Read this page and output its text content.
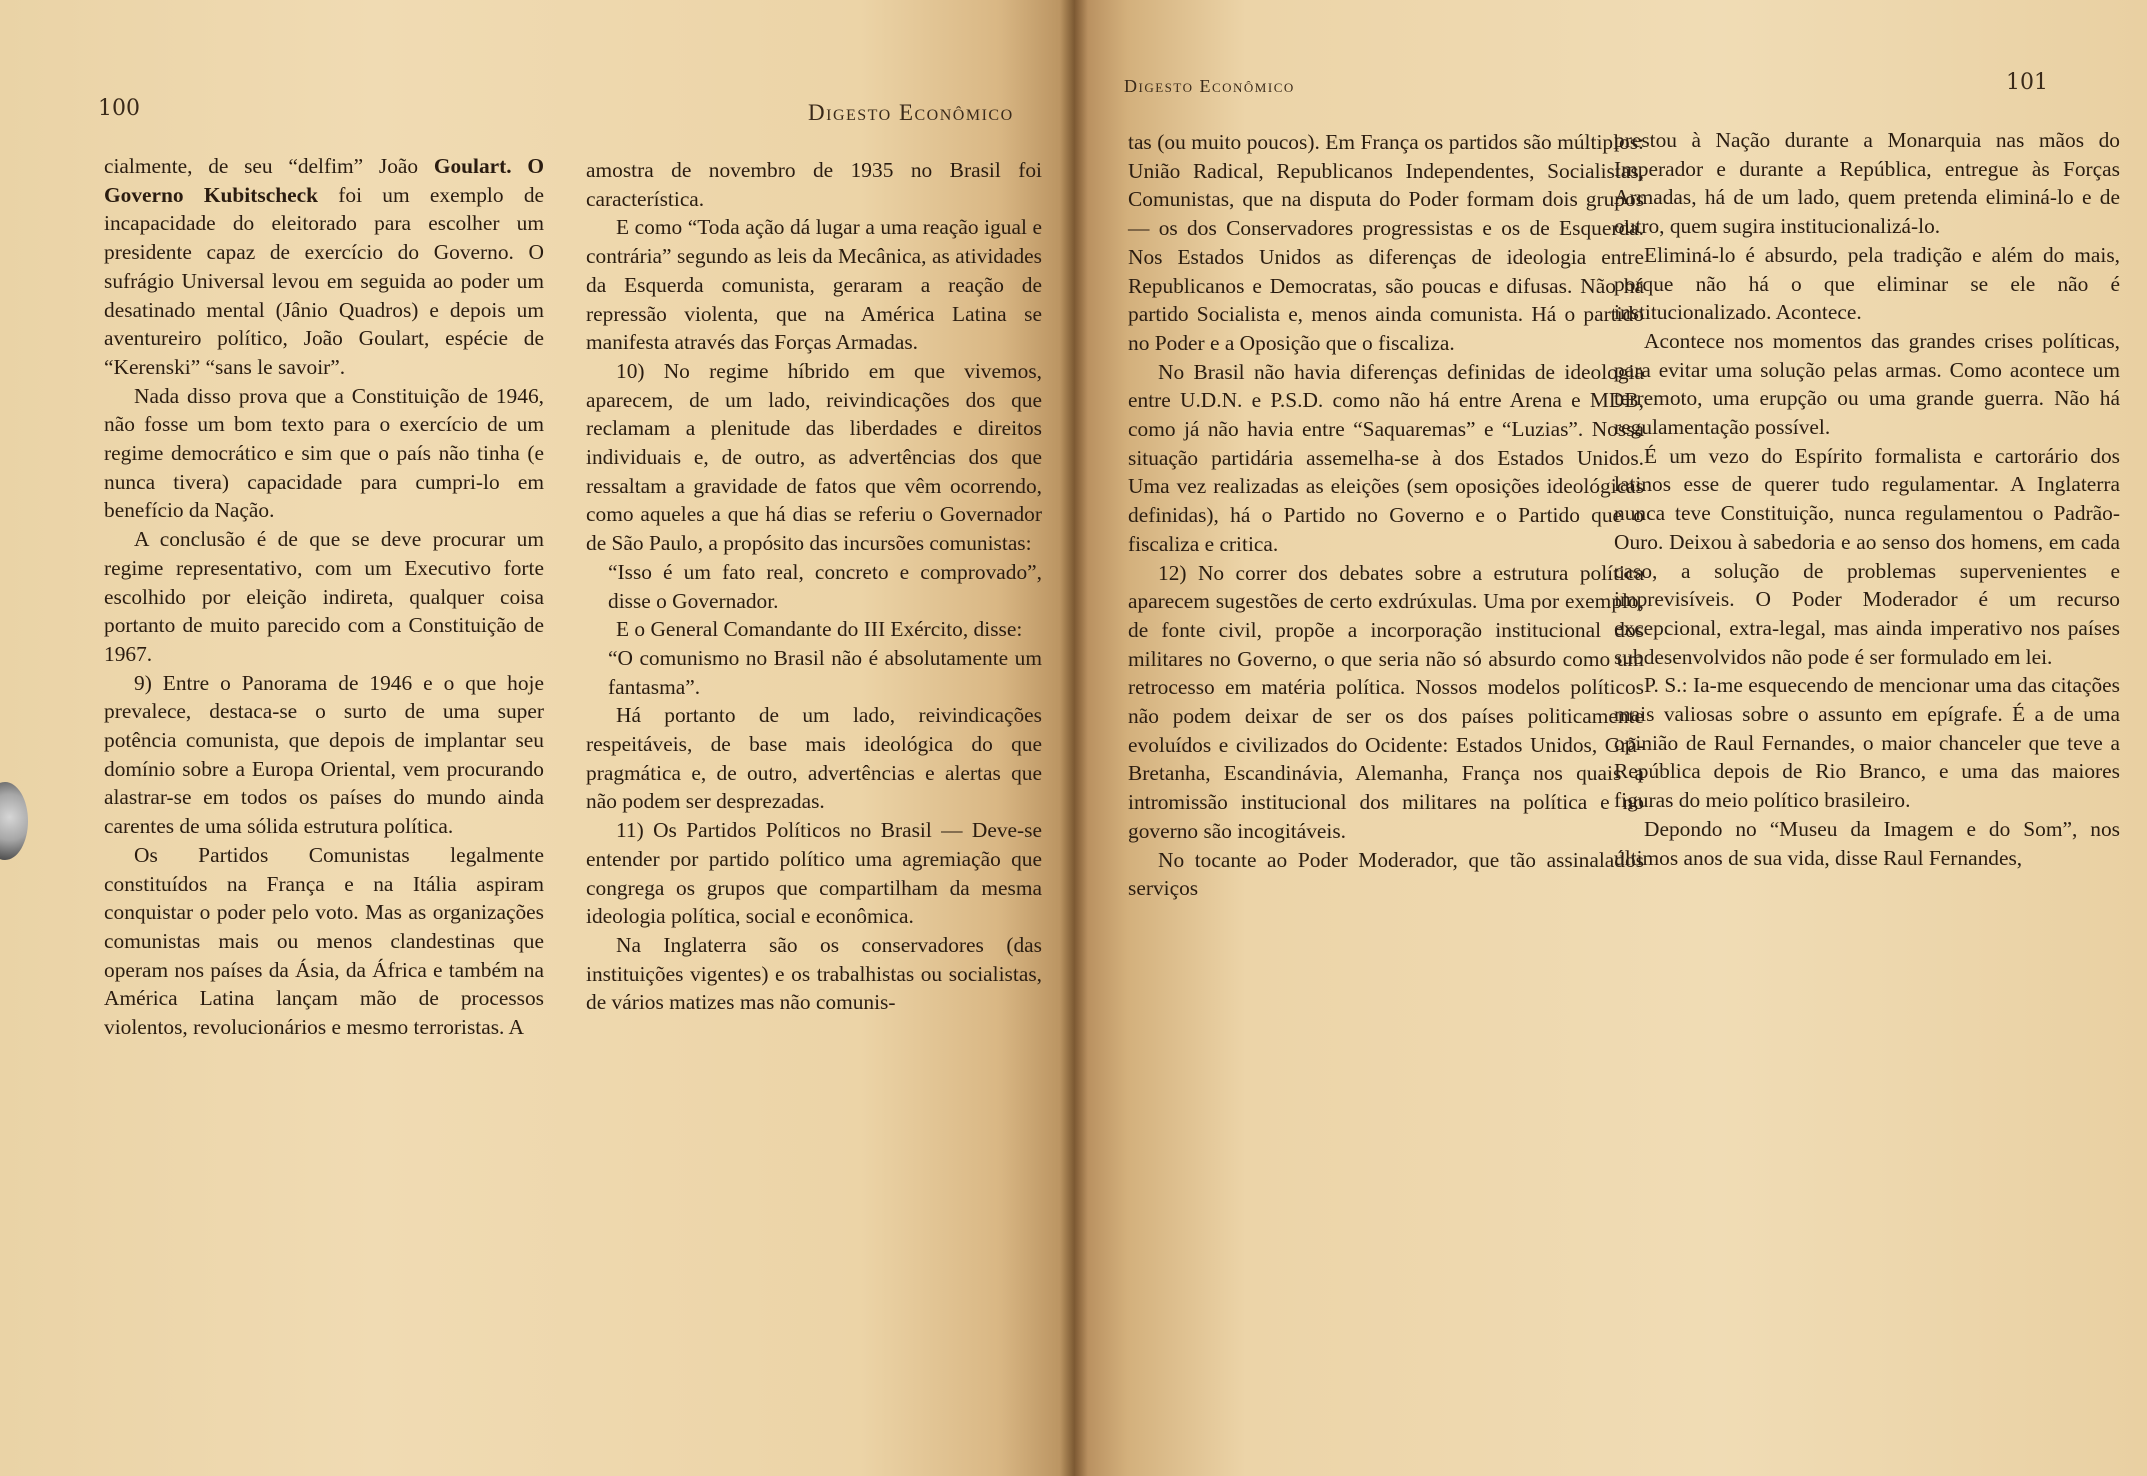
100	Digesto Econômico

cialmente, de seu “delfim” João Goulart. O Governo Kubitscheck foi um exemplo de incapacidade do eleitorado para escolher um presidente capaz de exercício do Governo. O sufrágio Universal levou em seguida ao poder um desatinado mental (Jânio Quadros) e depois um aventureiro político, João Goulart, espécie de “Kerenski” “sans le savoir”.

Nada disso prova que a Constituição de 1946, não fosse um bom texto para o exercício de um regime democrático e sim que o país não tinha (e nunca tivera) capacidade para cumpri-lo em benefício da Nação.

A conclusão é de que se deve procurar um regime representativo, com um Executivo forte escolhido por eleição indireta, qualquer coisa portanto de muito parecido com a Constituição de 1967.

9) Entre o Panorama de 1946 e o que hoje prevalece, destaca-se o surto de uma super potência comunista, que depois de implantar seu domínio sobre a Europa Oriental, vem procurando alastrar-se em todos os países do mundo ainda carentes de uma sólida estrutura política.

Os Partidos Comunistas legalmente constituídos na França e na Itália aspiram conquistar o poder pelo voto. Mas as organizações comunistas mais ou menos clandestinas que operam nos países da Ásia, da África e também na América Latina lançam mão de processos violentos, revolucionários e mesmo terroristas. A

amostra de novembro de 1935 no Brasil foi característica.

E como “Toda ação dá lugar a uma reação igual e contrária” segundo as leis da Mecânica, as atividades da Esquerda comunista, geraram a reação de repressão violenta, que na América Latina se manifesta através das Forças Armadas.

10) No regime híbrido em que vivemos, aparecem, de um lado, reivindicações dos que reclamam a plenitude das liberdades e direitos individuais e, de outro, as advertências dos que ressaltam a gravidade de fatos que vêm ocorrendo, como aqueles a que há dias se referiu o Governador de São Paulo, a propósito das incursões comunistas:

“Isso é um fato real, concreto e comprovado”, disse o Governador.

E o General Comandante do III Exército, disse:

“O comunismo no Brasil não é absolutamente um fantasma”.

Há portanto de um lado, reivindicações respeitáveis, de base mais ideológica do que pragmática e, de outro, advertências e alertas que não podem ser desprezadas.

11) Os Partidos Políticos no Brasil — Deve-se entender por partido político uma agremiação que congrega os grupos que compartilham da mesma ideologia política, social e econômica.

Na Inglaterra são os conservadores (das instituições vigentes) e os trabalhistas ou socialistas, de vários matizes mas não comunis-

Digesto Econômico	101

tas (ou muito poucos). Em França os partidos são múltiplos: União Radical, Republicanos Independentes, Socialistas, Comunistas, que na disputa do Poder formam dois grupos — os dos Conservadores progressistas e os de Esquerda. Nos Estados Unidos as diferenças de ideologia entre Republicanos e Democratas, são poucas e difusas. Não há partido Socialista e, menos ainda comunista. Há o partido no Poder e a Oposição que o fiscaliza.

No Brasil não havia diferenças definidas de ideologia entre U.D.N. e P.S.D. como não há entre Arena e MDB, como já não havia entre “Saquaremas” e “Luzias”. Nossa situação partidária assemelha-se à dos Estados Unidos. Uma vez realizadas as eleições (sem oposições ideológicas definidas), há o Partido no Governo e o Partido que o fiscaliza e critica.

12) No correr dos debates sobre a estrutura política aparecem sugestões de certo exdrúxulas. Uma por exemplo, de fonte civil, propõe a incorporação institucional dos militares no Governo, o que seria não só absurdo como um retrocesso em matéria política. Nossos modelos políticos não podem deixar de ser os dos países politicamente evoluídos e civilizados do Ocidente: Estados Unidos, Grã-Bretanha, Escandinávia, Alemanha, França nos quais a intromissão institucional dos militares na política e no governo são incogitáveis.

No tocante ao Poder Moderador, que tão assinalados serviços

prestou à Nação durante a Monarquia nas mãos do Imperador e durante a República, entregue às Forças Armadas, há de um lado, quem pretenda eliminá-lo e de outro, quem sugira institucionalizá-lo.

Eliminá-lo é absurdo, pela tradição e além do mais, porque não há o que eliminar se ele não é institucionalizado. Acontece.

Acontece nos momentos das grandes crises políticas, para evitar uma solução pelas armas. Como acontece um terremoto, uma erupção ou uma grande guerra. Não há regulamentação possível.

É um vezo do Espírito formalista e cartorário dos latinos esse de querer tudo regulamentar. A Inglaterra nunca teve Constituição, nunca regulamentou o Padrão-Ouro. Deixou à sabedoria e ao senso dos homens, em cada caso, a solução de problemas supervenientes e imprevisíveis. O Poder Moderador é um recurso excepcional, extra-legal, mas ainda imperativo nos países subdesenvolvidos não pode é ser formulado em lei.

P. S.: Ia-me esquecendo de mencionar uma das citações mais valiosas sobre o assunto em epígrafe. É a de uma opinião de Raul Fernandes, o maior chanceler que teve a República depois de Rio Branco, e uma das maiores figuras do meio político brasileiro.

Depondo no “Museu da Imagem e do Som”, nos últimos anos de sua vida, disse Raul Fernandes,
